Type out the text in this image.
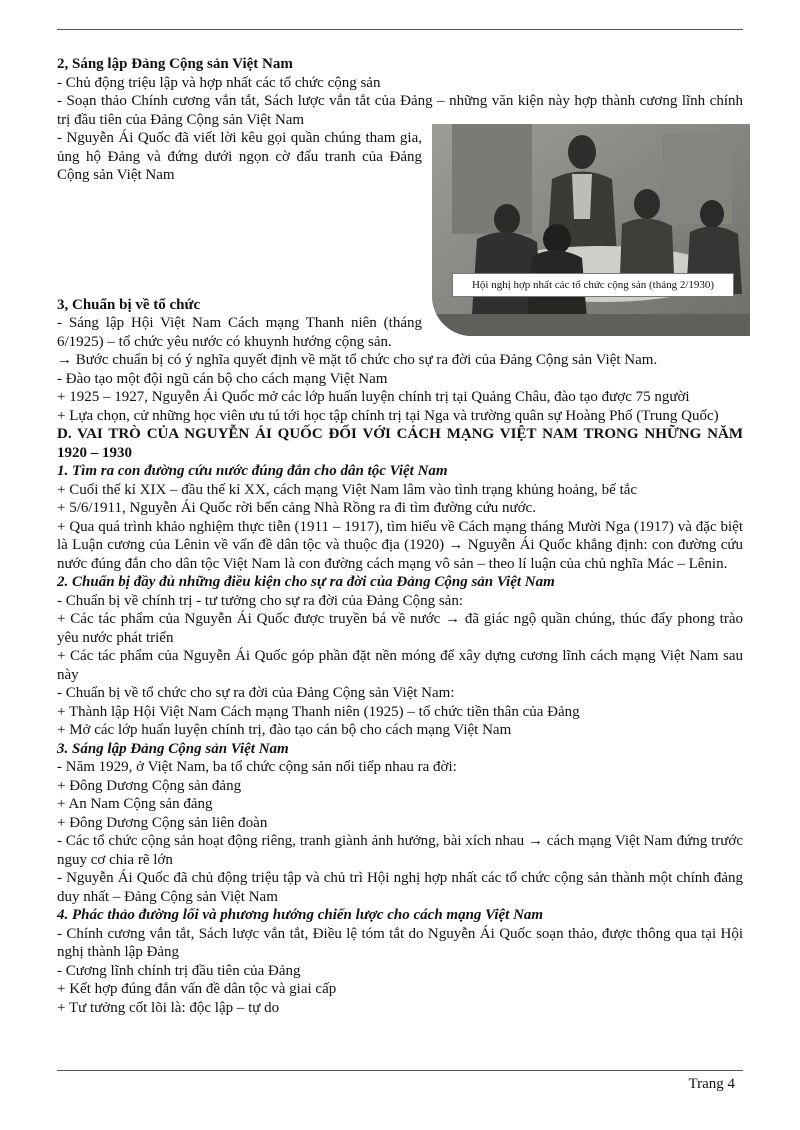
Hội nghị hợp nhất các tổ chức cộng sản (tháng 2/1930)
2, Sáng lập Đảng Cộng sản Việt Nam
- Chủ động triệu lập và hợp nhất các tổ chức cộng sản
- Soạn thảo Chính cương vắn tắt, Sách lược vắn tắt của Đảng – những văn kiện này hợp thành cương lĩnh chính trị đầu tiên của Đảng Cộng sản Việt Nam
- Nguyễn Ái Quốc đã viết lời kêu gọi quần chúng tham gia, ủng hộ Đảng và đứng dưới ngọn cờ đấu tranh của Đảng Cộng sản Việt Nam
3, Chuẩn bị về tổ chức
- Sáng lập Hội Việt Nam Cách mạng Thanh niên (tháng 6/1925) – tổ chức yêu nước có khuynh hướng cộng sản.
→ Bước chuẩn bị có ý nghĩa quyết định về mặt tổ chức cho sự ra đời của Đảng Cộng sản Việt Nam.
- Đào tạo một đội ngũ cán bộ cho cách mạng Việt Nam
+ 1925 – 1927, Nguyễn Ái Quốc mở các lớp huấn luyện chính trị tại Quảng Châu, đào tạo được 75 người
+ Lựa chọn, cử những học viên ưu tú tới học tập chính trị tại Nga và trường quân sự Hoàng Phố (Trung Quốc)
D. VAI TRÒ CỦA NGUYỄN ÁI QUỐC ĐỐI VỚI CÁCH MẠNG VIỆT NAM TRONG NHỮNG NĂM 1920 – 1930
1. Tìm ra con đường cứu nước đúng đắn cho dân tộc Việt Nam
+ Cuối thế kỉ XIX – đầu thế kỉ XX, cách mạng Việt Nam lâm vào tình trạng khủng hoảng, bế tắc
+ 5/6/1911, Nguyễn Ái Quốc rời bến cảng Nhà Rồng ra đi tìm đường cứu nước.
+ Qua quá trình khảo nghiệm thực tiễn (1911 – 1917), tìm hiểu về Cách mạng tháng Mười Nga (1917) và đặc biệt là Luận cương của Lênin về vấn đề dân tộc và thuộc địa (1920) → Nguyễn Ái Quốc khẳng định: con đường cứu nước đúng đắn cho dân tộc Việt Nam là con đường cách mạng vô sản – theo lí luận của chủ nghĩa Mác – Lênin.
2. Chuẩn bị đầy đủ những điều kiện cho sự ra đời của Đảng Cộng sản Việt Nam
- Chuẩn bị về chính trị - tư tưởng cho sự ra đời của Đảng Cộng sản:
+ Các tác phẩm của Nguyễn Ái Quốc được truyền bá về nước → đã giác ngộ quần chúng, thúc đẩy phong trào yêu nước phát triển
+ Các tác phẩm của Nguyễn Ái Quốc góp phần đặt nền móng để xây dựng cương lĩnh cách mạng Việt Nam sau này
- Chuẩn bị về tổ chức cho sự ra đời của Đảng Cộng sản Việt Nam:
+ Thành lập Hội Việt Nam Cách mạng Thanh niên (1925) – tổ chức tiền thân của Đảng
+ Mở các lớp huấn luyện chính trị, đào tạo cán bộ cho cách mạng Việt Nam
3. Sáng lập Đảng Cộng sản Việt Nam
- Năm 1929, ở Việt Nam, ba tổ chức cộng sản nối tiếp nhau ra đời:
+ Đông Dương Cộng sản đảng
+ An Nam Cộng sản đảng
+ Đông Dương Cộng sản liên đoàn
- Các tổ chức cộng sản hoạt động riêng, tranh giành ảnh hưởng, bài xích nhau → cách mạng Việt Nam đứng trước nguy cơ chia rẽ lớn
- Nguyễn Ái Quốc đã chủ động triệu tập và chủ trì Hội nghị hợp nhất các tổ chức cộng sản thành một chính đảng duy nhất – Đảng Cộng sản Việt Nam
4. Phác thảo đường lối và phương hướng chiến lược cho cách mạng Việt Nam
- Chính cương vắn tắt, Sách lược vắn tắt, Điều lệ tóm tắt do Nguyễn Ái Quốc soạn thảo, được thông qua tại Hội nghị thành lập Đảng
- Cương lĩnh chính trị đầu tiên của Đảng
+ Kết hợp đúng đắn vấn đề dân tộc và giai cấp
+ Tư tưởng cốt lõi là: độc lập – tự do
Trang 4
